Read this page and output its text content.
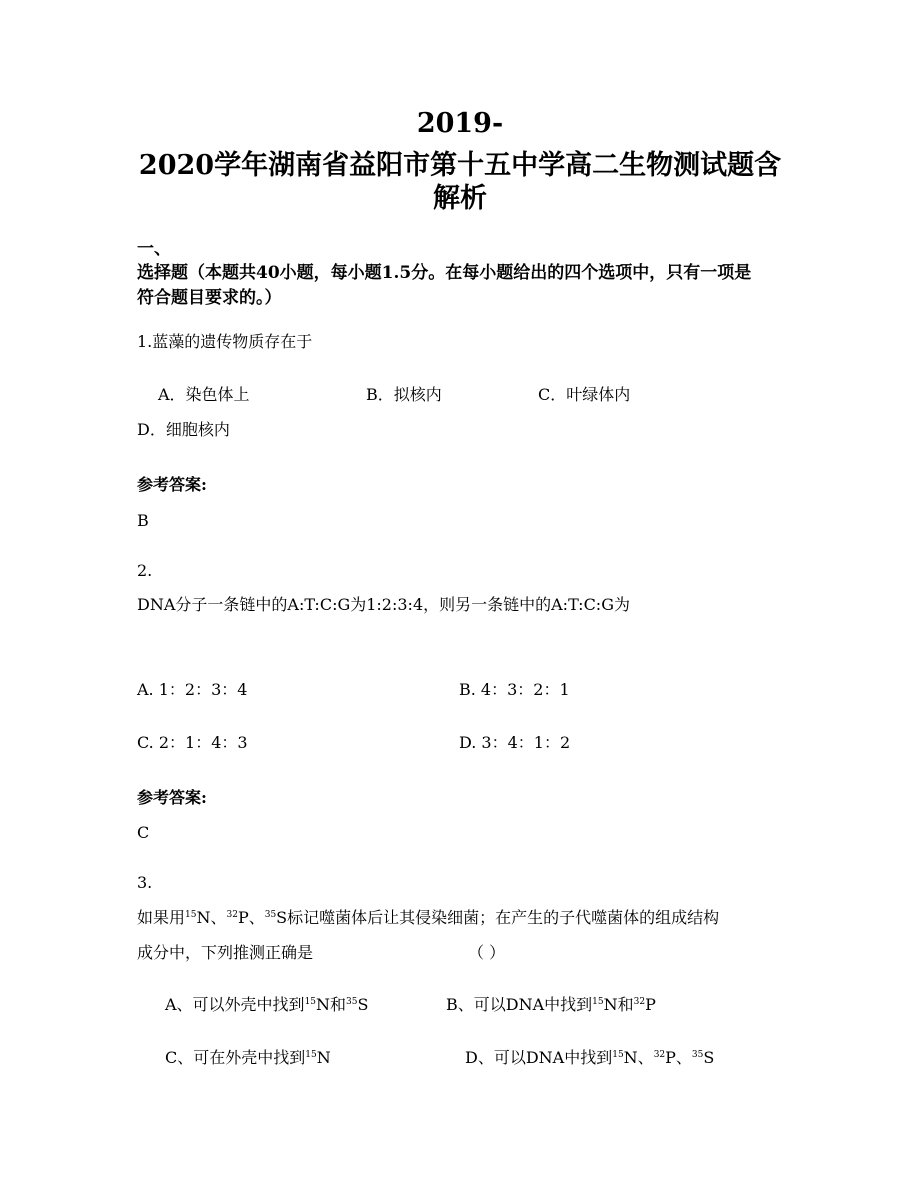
2019-
2020学年湖南省益阳市第十五中学高二生物测试题含
解析
一、
选择题（本题共40小题，每小题1.5分。在每小题给出的四个选项中，只有一项是
符合题目要求的。）
1.蓝藻的遗传物质存在于
A．染色体上	B．拟核内	C．叶绿体内
D．细胞核内
参考答案:
B
2.
DNA分子一条链中的A:T:C:G为1:2:3:4，则另一条链中的A:T:C:G为
A. 1：2：3：4	B. 4：3：2：1
C. 2：1：4：3	D. 3：4：1：2
参考答案:
C
3.
如果用$^{15}$N、$^{32}$P、$^{35}$S标记噬菌体后让其侵染细菌；在产生的子代噬菌体的组成结构
成分中，下列推测正确是	（ ）
A、可以外壳中找到$^{15}$N和$^{35}$S	B、可以DNA中找到$^{15}$N和$^{32}$P
C、可在外壳中找到$^{15}$N	D、可以DNA中找到$^{15}$N、$^{32}$P、$^{35}$S
